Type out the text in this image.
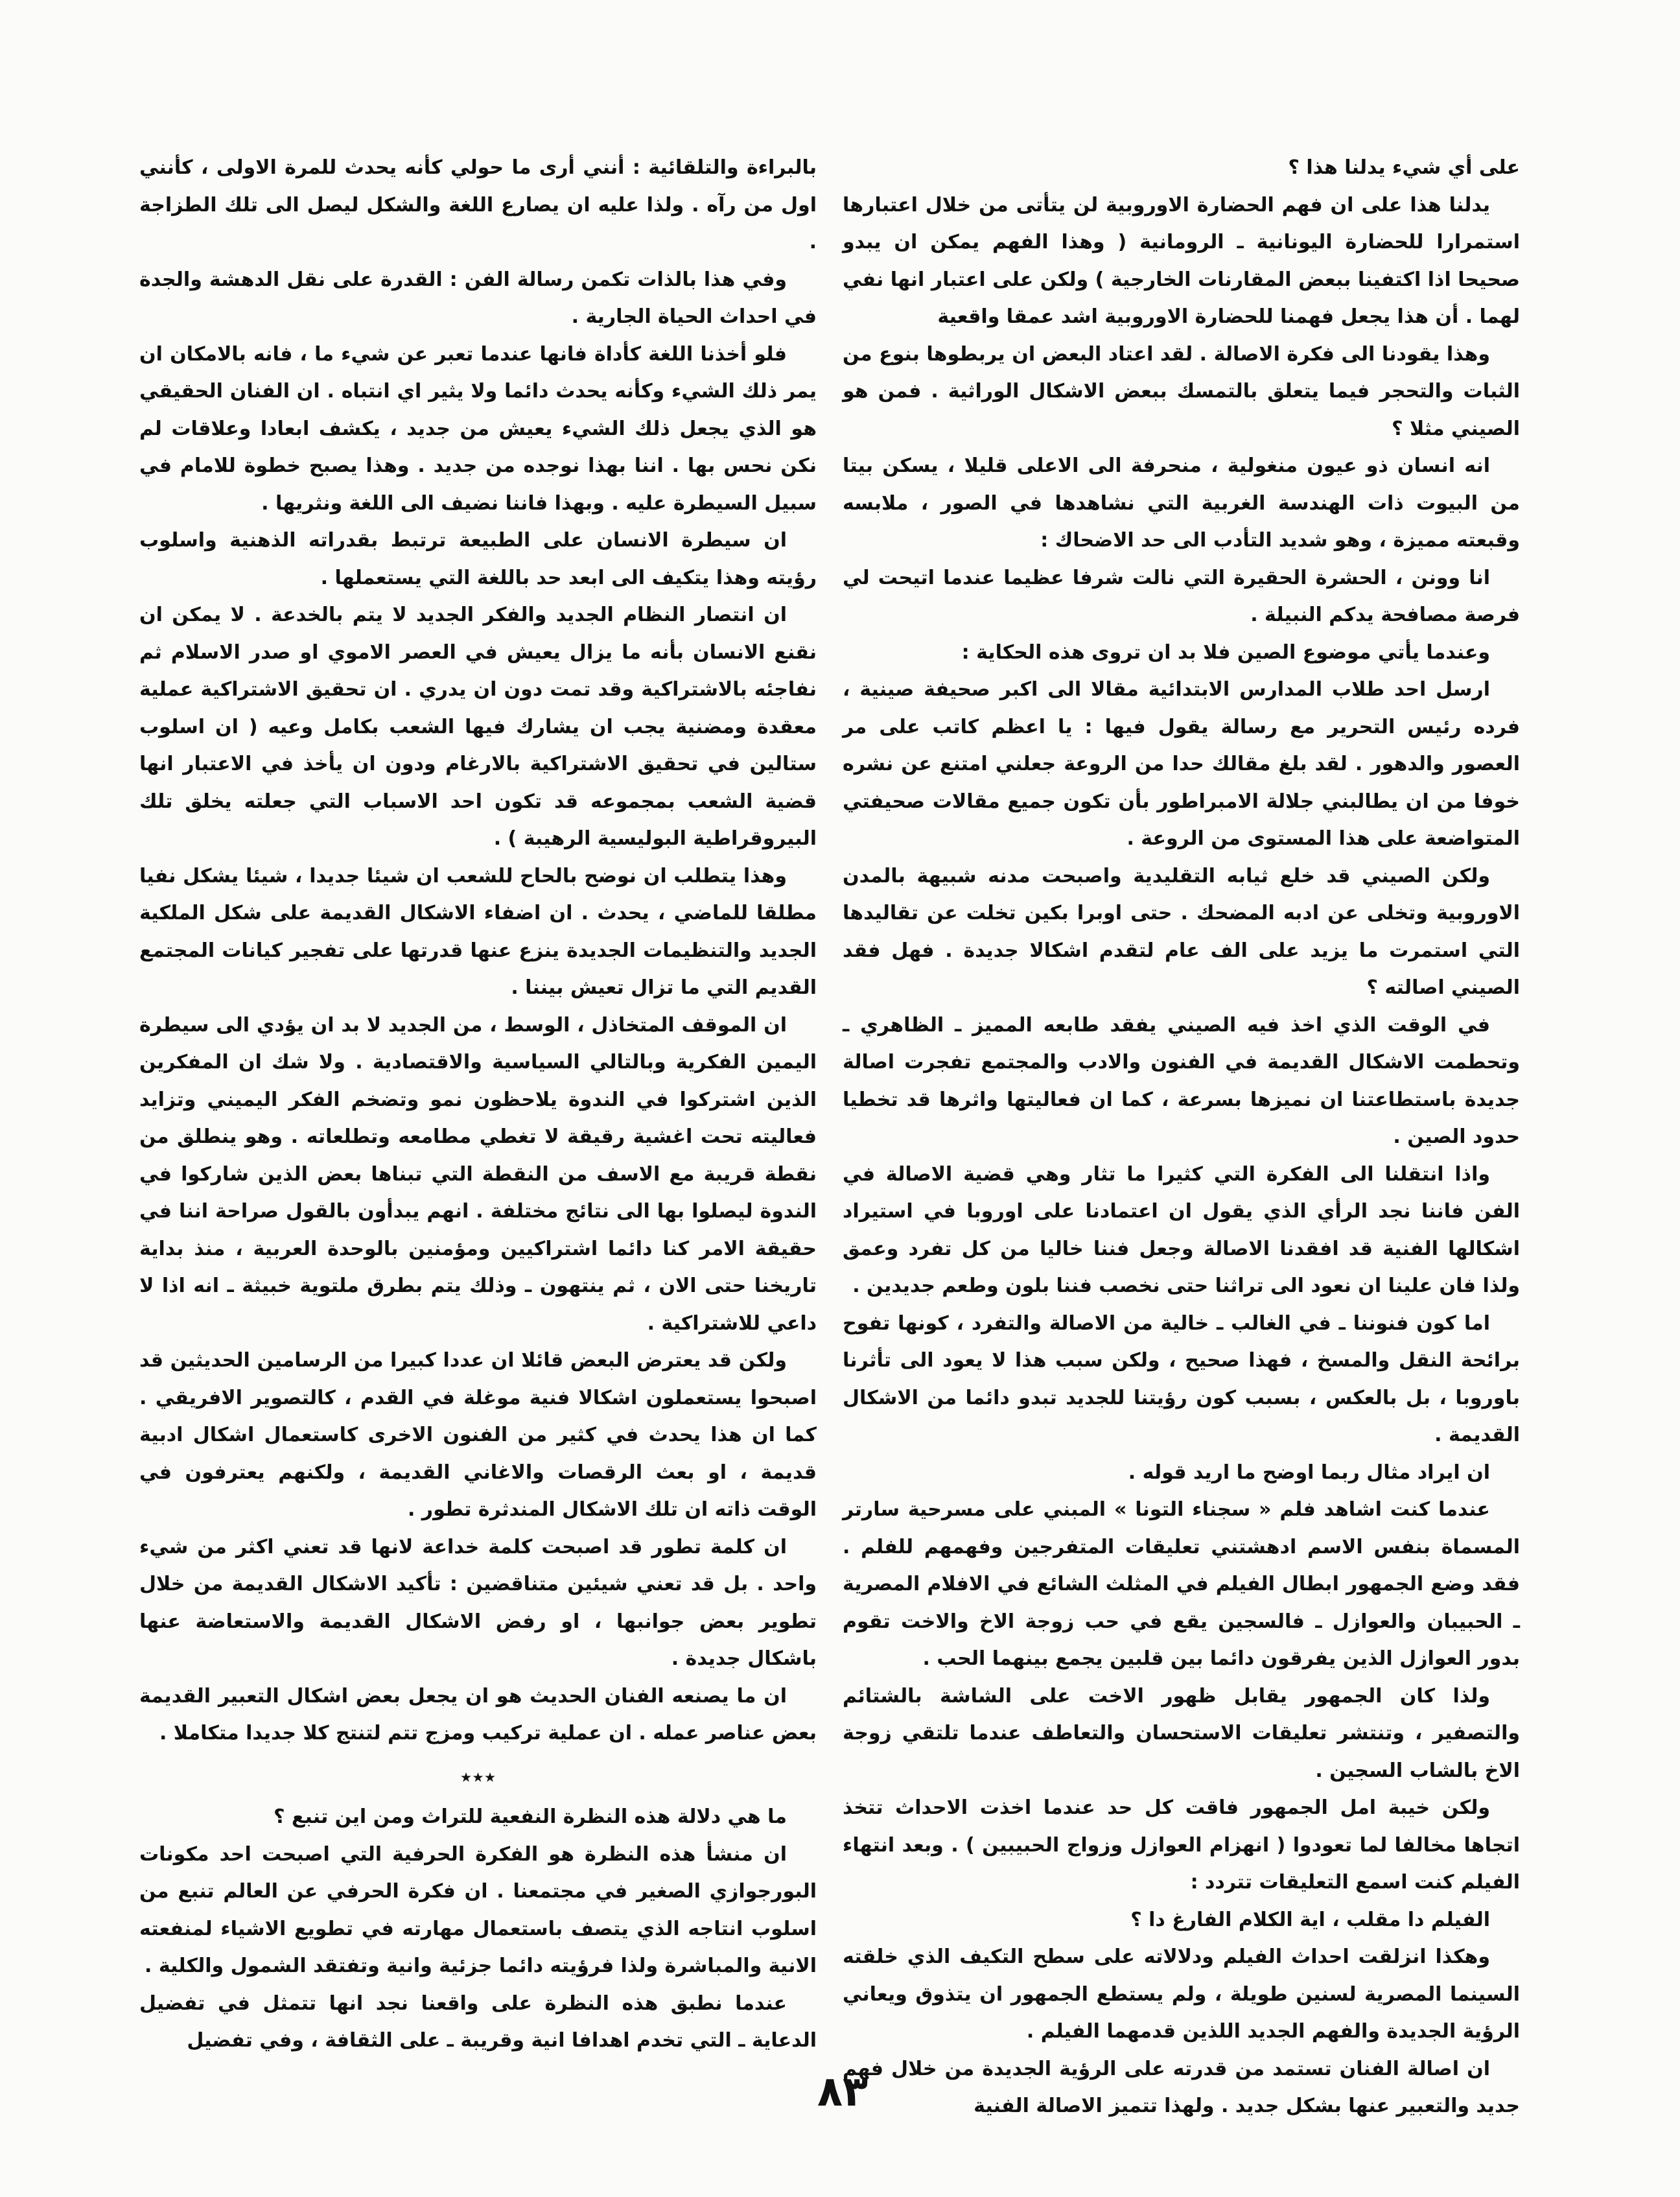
على أي شيء يدلنا هذا ؟

يدلنا هذا على ان فهم الحضارة الاوروبية لن يتأتى من خلال اعتبارها استمرارا للحضارة اليونانية ـ الرومانية ( وهذا الفهم يمكن ان يبدو صحيحا اذا اكتفينا ببعض المقارنات الخارجية ) ولكن على اعتبار انها نفي لهما . أن هذا يجعل فهمنا للحضارة الاوروبية اشد عمقا واقعية

وهذا يقودنا الى فكرة الاصالة . لقد اعتاد البعض ان يربطوها بنوع من الثبات والتحجر فيما يتعلق بالتمسك ببعض الاشكال الوراثية . فمن هو الصيني مثلا ؟

انه انسان ذو عيون منغولية ، منحرفة الى الاعلى قليلا ، يسكن بيتا من البيوت ذات الهندسة الغربية التي نشاهدها في الصور ، ملابسه وقبعته مميزة ، وهو شديد التأدب الى حد الاضحاك :

انا وونن ، الحشرة الحقيرة التي نالت شرفا عظيما عندما اتيحت لي فرصة مصافحة يدكم النبيلة .

وعندما يأتي موضوع الصين فلا بد ان تروى هذه الحكاية :

ارسل احد طلاب المدارس الابتدائية مقالا الى اكبر صحيفة صينية ، فرده رئيس التحرير مع رسالة يقول فيها : يا اعظم كاتب على مر العصور والدهور . لقد بلغ مقالك حدا من الروعة جعلني امتنع عن نشره خوفا من ان يطالبني جلالة الامبراطور بأن تكون جميع مقالات صحيفتي المتواضعة على هذا المستوى من الروعة .

ولكن الصيني قد خلع ثيابه التقليدية واصبحت مدنه شبيهة بالمدن الاوروبية وتخلى عن ادبه المضحك . حتى اوبرا بكين تخلت عن تقاليدها التي استمرت ما يزيد على الف عام لتقدم اشكالا جديدة . فهل فقد الصيني اصالته ؟

في الوقت الذي اخذ فيه الصيني يفقد طابعه المميز ـ الظاهري ـ وتحطمت الاشكال القديمة في الفنون والادب والمجتمع تفجرت اصالة جديدة باستطاعتنا ان نميزها بسرعة ، كما ان فعاليتها واثرها قد تخطيا حدود الصين .

واذا انتقلنا الى الفكرة التي كثيرا ما تثار وهي قضية الاصالة في الفن فاننا نجد الرأي الذي يقول ان اعتمادنا على اوروبا في استيراد اشكالها الفنية قد افقدنا الاصالة وجعل فننا خاليا من كل تفرد وعمق ولذا فان علينا ان نعود الى تراثنا حتى نخصب فننا بلون وطعم جديدين .

اما كون فنوننا ـ في الغالب ـ خالية من الاصالة والتفرد ، كونها تفوح برائحة النقل والمسخ ، فهذا صحيح ، ولكن سبب هذا لا يعود الى تأثرنا باوروبا ، بل بالعكس ، بسبب كون رؤيتنا للجديد تبدو دائما من الاشكال القديمة .

ان ايراد مثال ربما اوضح ما اريد قوله .

عندما كنت اشاهد فلم « سجناء التونا » المبني على مسرحية سارتر المسماة بنفس الاسم ادهشتني تعليقات المتفرجين وفهمهم للفلم . فقد وضع الجمهور ابطال الفيلم في المثلث الشائع في الافلام المصرية ـ الحبيبان والعوازل ـ فالسجين يقع في حب زوجة الاخ والاخت تقوم بدور العوازل الذين يفرقون دائما بين قلبين يجمع بينهما الحب .

ولذا كان الجمهور يقابل ظهور الاخت على الشاشة بالشتائم والتصفير ، وتنتشر تعليقات الاستحسان والتعاطف عندما تلتقي زوجة الاخ بالشاب السجين .

ولكن خيبة امل الجمهور فاقت كل حد عندما اخذت الاحداث تتخذ اتجاها مخالفا لما تعودوا ( انهزام العوازل وزواج الحبيبين ) . وبعد انتهاء الفيلم كنت اسمع التعليقات تتردد :

الفيلم دا مقلب ، اية الكلام الفارغ دا ؟

وهكذا انزلقت احداث الفيلم ودلالاته على سطح التكيف الذي خلقته السينما المصرية لسنين طويلة ، ولم يستطع الجمهور ان يتذوق ويعاني الرؤية الجديدة والفهم الجديد اللذين قدمهما الفيلم .

ان اصالة الفنان تستمد من قدرته على الرؤية الجديدة من خلال فهم جديد والتعبير عنها بشكل جديد . ولهذا تتميز الاصالة الفنية

بالبراءة والتلقائية : أنني أرى ما حولي كأنه يحدث للمرة الاولى ، كأنني اول من رآه . ولذا عليه ان يصارع اللغة والشكل ليصل الى تلك الطزاجة .

وفي هذا بالذات تكمن رسالة الفن : القدرة على نقل الدهشة والجدة في احداث الحياة الجارية .

فلو أخذنا اللغة كأداة فانها عندما تعبر عن شيء ما ، فانه بالامكان ان يمر ذلك الشيء وكأنه يحدث دائما ولا يثير اي انتباه . ان الفنان الحقيقي هو الذي يجعل ذلك الشيء يعيش من جديد ، يكشف ابعادا وعلاقات لم نكن نحس بها . اننا بهذا نوجده من جديد . وهذا يصبح خطوة للامام في سبيل السيطرة عليه . وبهذا فاننا نضيف الى اللغة ونثريها .

ان سيطرة الانسان على الطبيعة ترتبط بقدراته الذهنية واسلوب رؤيته وهذا يتكيف الى ابعد حد باللغة التي يستعملها .

ان انتصار النظام الجديد والفكر الجديد لا يتم بالخدعة . لا يمكن ان نقنع الانسان بأنه ما يزال يعيش في العصر الاموي او صدر الاسلام ثم نفاجئه بالاشتراكية وقد تمت دون ان يدري . ان تحقيق الاشتراكية عملية معقدة ومضنية يجب ان يشارك فيها الشعب بكامل وعيه ( ان اسلوب ستالين في تحقيق الاشتراكية بالارغام ودون ان يأخذ في الاعتبار انها قضية الشعب بمجموعه قد تكون احد الاسباب التي جعلته يخلق تلك البيروقراطية البوليسية الرهيبة ) .

وهذا يتطلب ان نوضح بالحاح للشعب ان شيئا جديدا ، شيئا يشكل نفيا مطلقا للماضي ، يحدث . ان اضفاء الاشكال القديمة على شكل الملكية الجديد والتنظيمات الجديدة ينزع عنها قدرتها على تفجير كيانات المجتمع القديم التي ما تزال تعيش بيننا .

ان الموقف المتخاذل ، الوسط ، من الجديد لا بد ان يؤدي الى سيطرة اليمين الفكرية وبالتالي السياسية والاقتصادية . ولا شك ان المفكرين الذين اشتركوا في الندوة يلاحظون نمو وتضخم الفكر اليميني وتزايد فعاليته تحت اغشية رقيقة لا تغطي مطامعه وتطلعاته . وهو ينطلق من نقطة قريبة مع الاسف من النقطة التي تبناها بعض الذين شاركوا في الندوة ليصلوا بها الى نتائج مختلفة . انهم يبدأون بالقول صراحة اننا في حقيقة الامر كنا دائما اشتراكيين ومؤمنين بالوحدة العربية ، منذ بداية تاريخنا حتى الان ، ثم ينتهون ـ وذلك يتم بطرق ملتوية خبيثة ـ انه اذا لا داعي للاشتراكية .

ولكن قد يعترض البعض قائلا ان عددا كبيرا من الرسامين الحديثين قد اصبحوا يستعملون اشكالا فنية موغلة في القدم ، كالتصوير الافريقي . كما ان هذا يحدث في كثير من الفنون الاخرى كاستعمال اشكال ادبية قديمة ، او بعث الرقصات والاغاني القديمة ، ولكنهم يعترفون في الوقت ذاته ان تلك الاشكال المندثرة تطور .

ان كلمة تطور قد اصبحت كلمة خداعة لانها قد تعني اكثر من شيء واحد . بل قد تعني شيئين متناقضين : تأكيد الاشكال القديمة من خلال تطوير بعض جوانبها ، او رفض الاشكال القديمة والاستعاضة عنها باشكال جديدة .

ان ما يصنعه الفنان الحديث هو ان يجعل بعض اشكال التعبير القديمة بعض عناصر عمله . ان عملية تركيب ومزج تتم لتنتج كلا جديدا متكاملا .

٭٭٭

ما هي دلالة هذه النظرة النفعية للتراث ومن اين تنبع ؟

ان منشأ هذه النظرة هو الفكرة الحرفية التي اصبحت احد مكونات البورجوازي الصغير في مجتمعنا . ان فكرة الحرفي عن العالم تنبع من اسلوب انتاجه الذي يتصف باستعمال مهارته في تطويع الاشياء لمنفعته الانية والمباشرة ولذا فرؤيته دائما جزئية وانية وتفتقد الشمول والكلية .

عندما نطبق هذه النظرة على واقعنا نجد انها تتمثل في تفضيل الدعاية ـ التي تخدم اهدافا انية وقريبة ـ على الثقافة ، وفي تفضيل

٨٣
